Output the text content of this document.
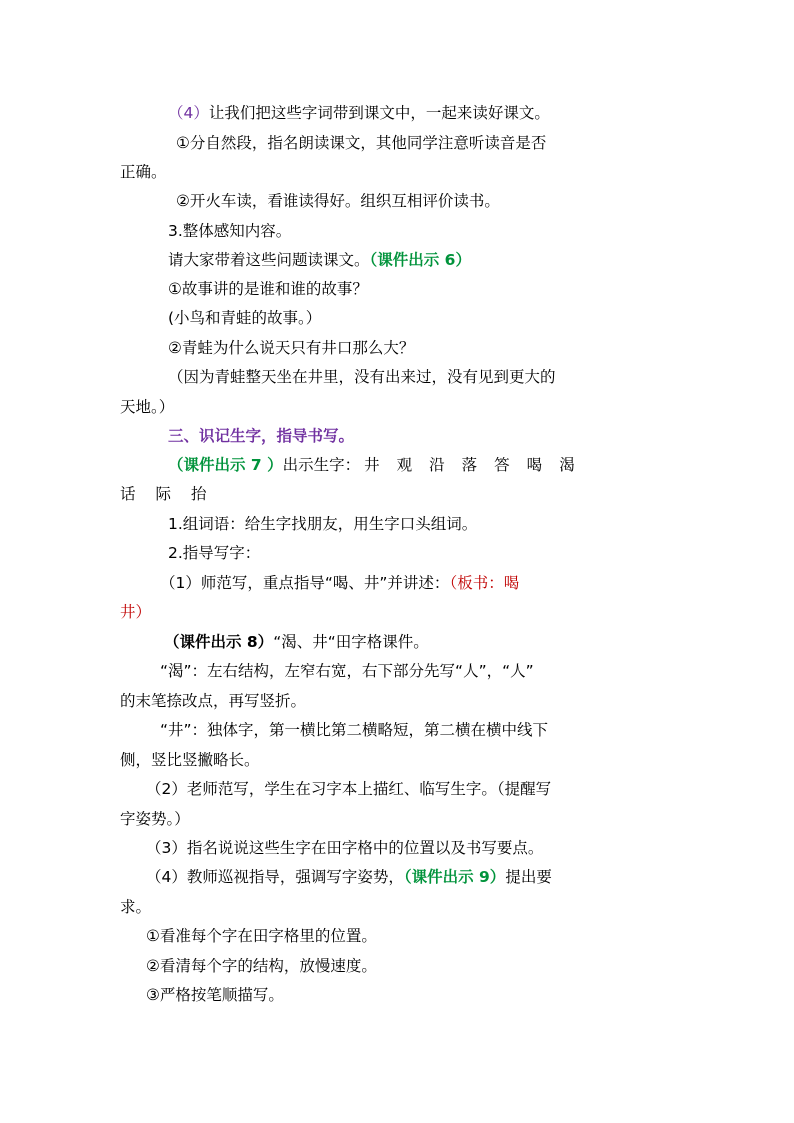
（4）让我们把这些字词带到课文中，一起来读好课文。

①分自然段，指名朗读课文，其他同学注意听读音是否

正确。

②开火车读，看谁读得好。组织互相评价读书。

3.整体感知内容。

请大家带着这些问题读课文。（课件出示 6）

①故事讲的是谁和谁的故事？

(小鸟和青蛙的故事。）

②青蛙为什么说天只有井口那么大？

（因为青蛙整天坐在井里，没有出来过，没有见到更大的

天地。）

三、识记生字，指导书写。

（课件出示 7 ）出示生字： 井 观 沿 落 答 喝 渴

话 际 抬

1.组词语：给生字找朋友，用生字口头组词。

2.指导写字：

（1）师范写，重点指导“喝、井”并讲述：（板书：喝

井）

（课件出示 8）“渴、井“田字格课件。

“渴”：左右结构，左窄右宽，右下部分先写“人”，“人”

的末笔捺改点，再写竖折。

“井”：独体字，第一横比第二横略短，第二横在横中线下

侧，竖比竖撇略长。

（2）老师范写，学生在习字本上描红、临写生字。（提醒写

字姿势。）

（3）指名说说这些生字在田字格中的位置以及书写要点。

（4）教师巡视指导，强调写字姿势，（课件出示 9）提出要

求。

①看准每个字在田字格里的位置。

②看清每个字的结构，放慢速度。

③严格按笔顺描写。
